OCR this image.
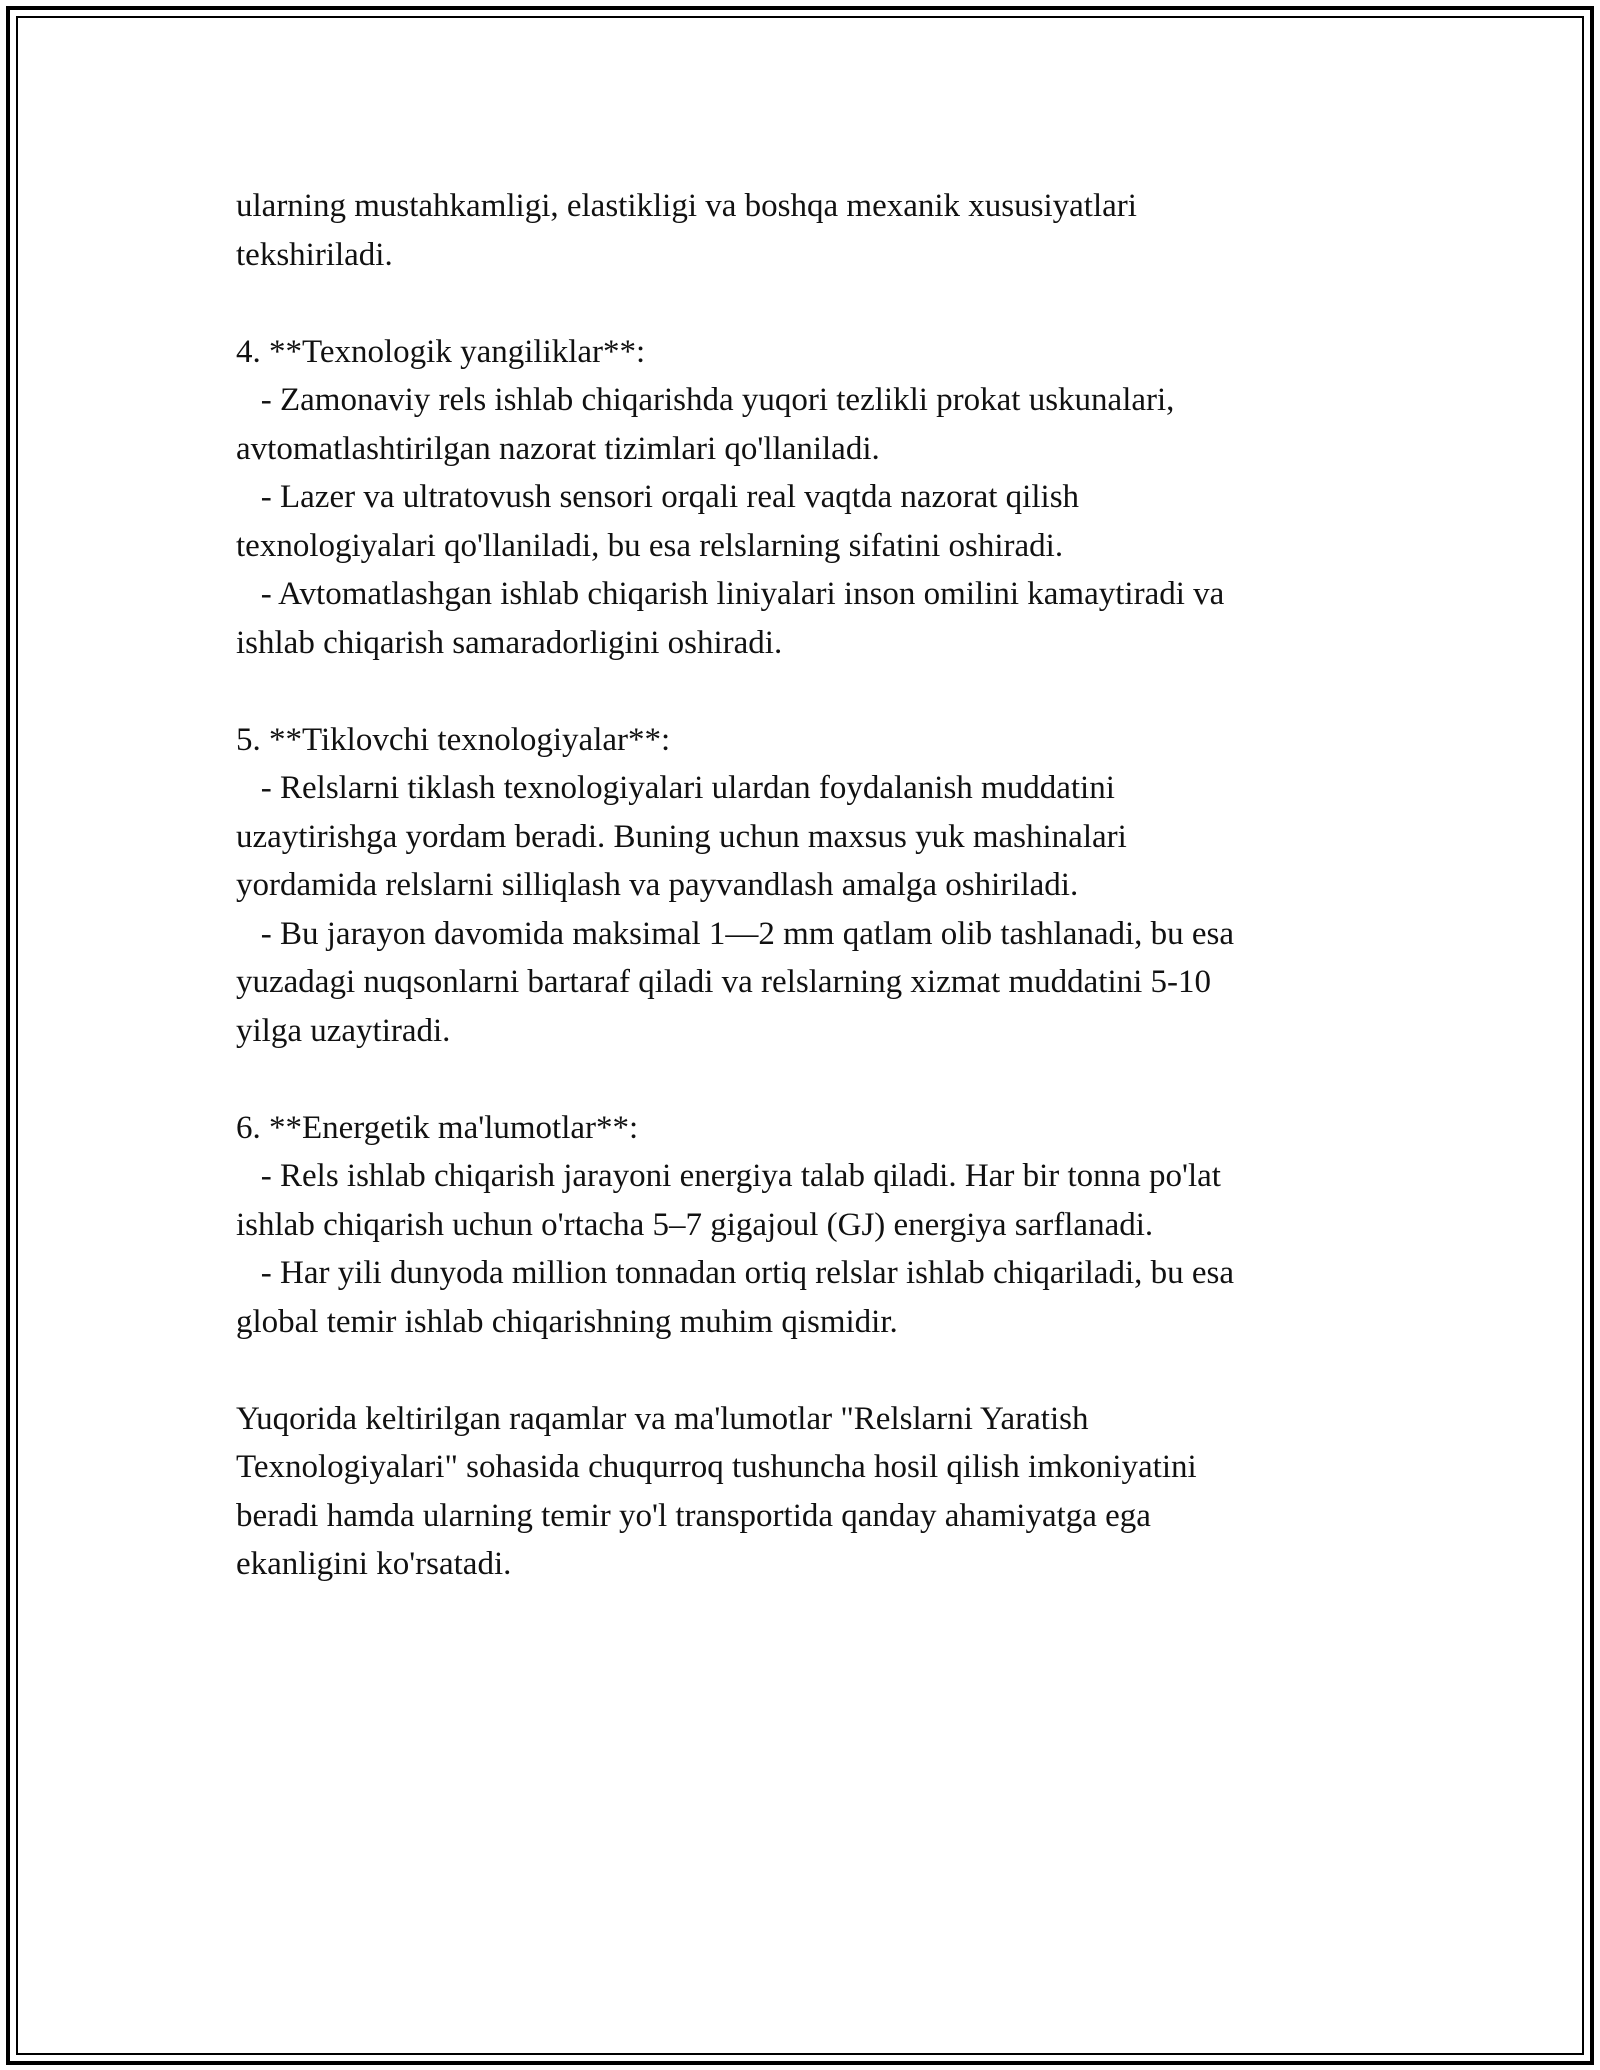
ularning mustahkamligi, elastikligi va boshqa mexanik xususiyatlari

tekshiriladi.

4. **Texnologik yangiliklar**:

- Zamonaviy rels ishlab chiqarishda yuqori tezlikli prokat uskunalari,

avtomatlashtirilgan nazorat tizimlari qo'llaniladi.

- Lazer va ultratovush sensori orqali real vaqtda nazorat qilish

texnologiyalari qo'llaniladi, bu esa relslarning sifatini oshiradi.

- Avtomatlashgan ishlab chiqarish liniyalari inson omilini kamaytiradi va

ishlab chiqarish samaradorligini oshiradi.

5. **Tiklovchi texnologiyalar**:

- Relslarni tiklash texnologiyalari ulardan foydalanish muddatini

uzaytirishga yordam beradi. Buning uchun maxsus yuk mashinalari

yordamida relslarni silliqlash va payvandlash amalga oshiriladi.

- Bu jarayon davomida maksimal 1—2 mm qatlam olib tashlanadi, bu esa

yuzadagi nuqsonlarni bartaraf qiladi va relslarning xizmat muddatini 5-10

yilga uzaytiradi.

6. **Energetik ma'lumotlar**:

- Rels ishlab chiqarish jarayoni energiya talab qiladi. Har bir tonna po'lat

ishlab chiqarish uchun o'rtacha 5–7 gigajoul (GJ) energiya sarflanadi.

- Har yili dunyoda million tonnadan ortiq relslar ishlab chiqariladi, bu esa

global temir ishlab chiqarishning muhim qismidir.

Yuqorida keltirilgan raqamlar va ma'lumotlar "Relslarni Yaratish

Texnologiyalari" sohasida chuqurroq tushuncha hosil qilish imkoniyatini

beradi hamda ularning temir yo'l transportida qanday ahamiyatga ega

ekanligini ko'rsatadi.
